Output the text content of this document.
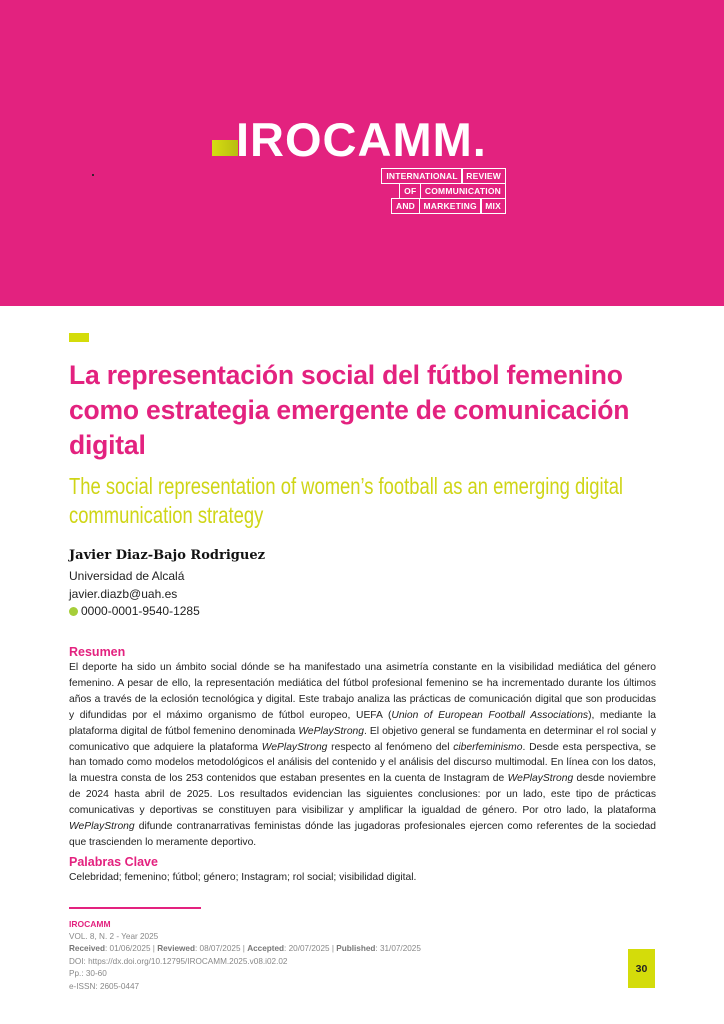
IROCAMM.
INTERNATIONAL	REVIEW
OF	COMMUNICATION
AND	MARKETING	MIX
La representación social del fútbol femenino como estrategia emergente de comunicación digital
The social representation of women’s football as an emerging digital communication strategy
Javier Diaz-Bajo Rodriguez
Universidad de Alcalá
javier.diazb@uah.es
0000-0001-9540-1285
Resumen
El deporte ha sido un ámbito social dónde se ha manifestado una asimetría constante en la visibilidad mediática del género femenino. A pesar de ello, la representación mediática del fútbol profesional femenino se ha incrementado durante los últimos años a través de la eclosión tecnológica y digital. Este trabajo analiza las prácticas de comunicación digital que son producidas y difundidas por el máximo organismo de fútbol europeo, UEFA (Union of European Football Associations), mediante la plataforma digital de fútbol femenino denominada WePlayStrong. El objetivo general se fundamenta en determinar el rol social y comunicativo que adquiere la plataforma WePlayStrong respecto al fenómeno del ciberfeminismo. Desde esta perspectiva, se han tomado como modelos metodológicos el análisis del contenido y el análisis del discurso multimodal. En línea con los datos, la muestra consta de los 253 contenidos que estaban presentes en la cuenta de Instagram de WePlayStrong desde noviembre de 2024 hasta abril de 2025. Los resultados evidencian las siguientes conclusiones: por un lado, este tipo de prácticas comunicativas y deportivas se constituyen para visibilizar y amplificar la igualdad de género. Por otro lado, la plataforma WePlayStrong difunde contranarrativas feministas dónde las jugadoras profesionales ejercen como referentes de la sociedad que trascienden lo meramente deportivo.
Palabras Clave
Celebridad; femenino; fútbol; género; Instagram; rol social; visibilidad digital.
IROCAMM
VOL. 8, N. 2 - Year 2025
Received: 01/06/2025 | Reviewed: 08/07/2025 | Accepted: 20/07/2025 | Published: 31/07/2025
DOI: https://dx.doi.org/10.12795/IROCAMM.2025.v08.i02.02
Pp.: 30-60
e-ISSN: 2605-0447
30
